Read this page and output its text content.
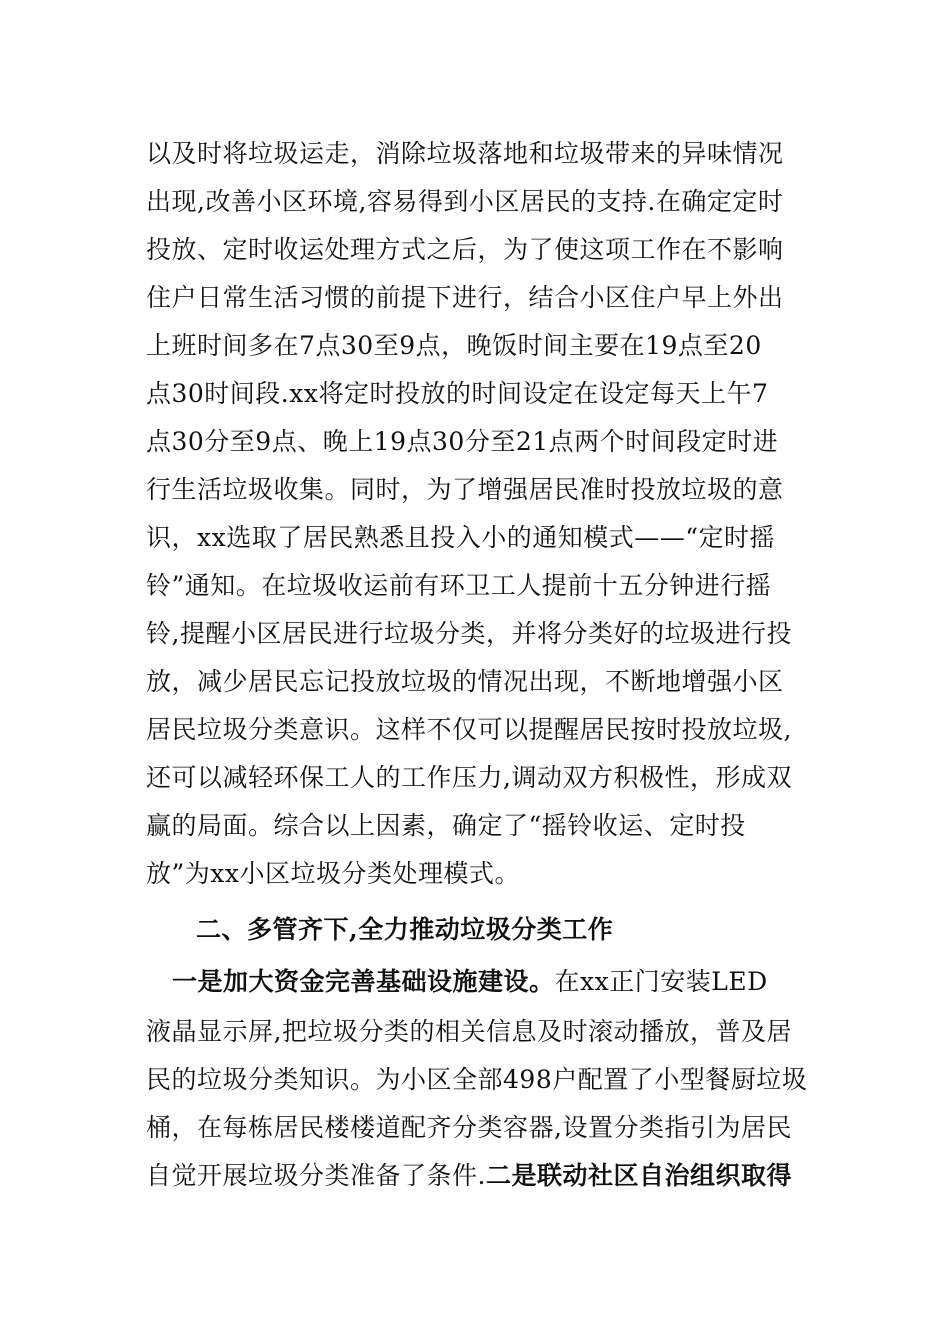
以及时将垃圾运走，消除垃圾落地和垃圾带来的异味情况
出现,改善小区环境,容易得到小区居民的支持.在确定定时
投放、定时收运处理方式之后，为了使这项工作在不影响
住户日常生活习惯的前提下进行，结合小区住户早上外出
上班时间多在7点30至9点，晚饭时间主要在19点至20
点30时间段.xx将定时投放的时间设定在设定每天上午7
点30分至9点、晚上19点30分至21点两个时间段定时进
行生活垃圾收集。同时，为了增强居民准时投放垃圾的意
识，xx选取了居民熟悉且投入小的通知模式——“定时摇
铃”通知。在垃圾收运前有环卫工人提前十五分钟进行摇
铃,提醒小区居民进行垃圾分类，并将分类好的垃圾进行投
放，减少居民忘记投放垃圾的情况出现，不断地增强小区
居民垃圾分类意识。这样不仅可以提醒居民按时投放垃圾,
还可以减轻环保工人的工作压力,调动双方积极性，形成双
赢的局面。综合以上因素，确定了“摇铃收运、定时投
放”为xx小区垃圾分类处理模式。
二、多管齐下,全力推动垃圾分类工作
一是加大资金完善基础设施建设。在xx正门安装LED
液晶显示屏,把垃圾分类的相关信息及时滚动播放，普及居
民的垃圾分类知识。为小区全部498户配置了小型餐厨垃圾
桶，在每栋居民楼楼道配齐分类容器,设置分类指引为居民
自觉开展垃圾分类准备了条件.二是联动社区自治组织取得
